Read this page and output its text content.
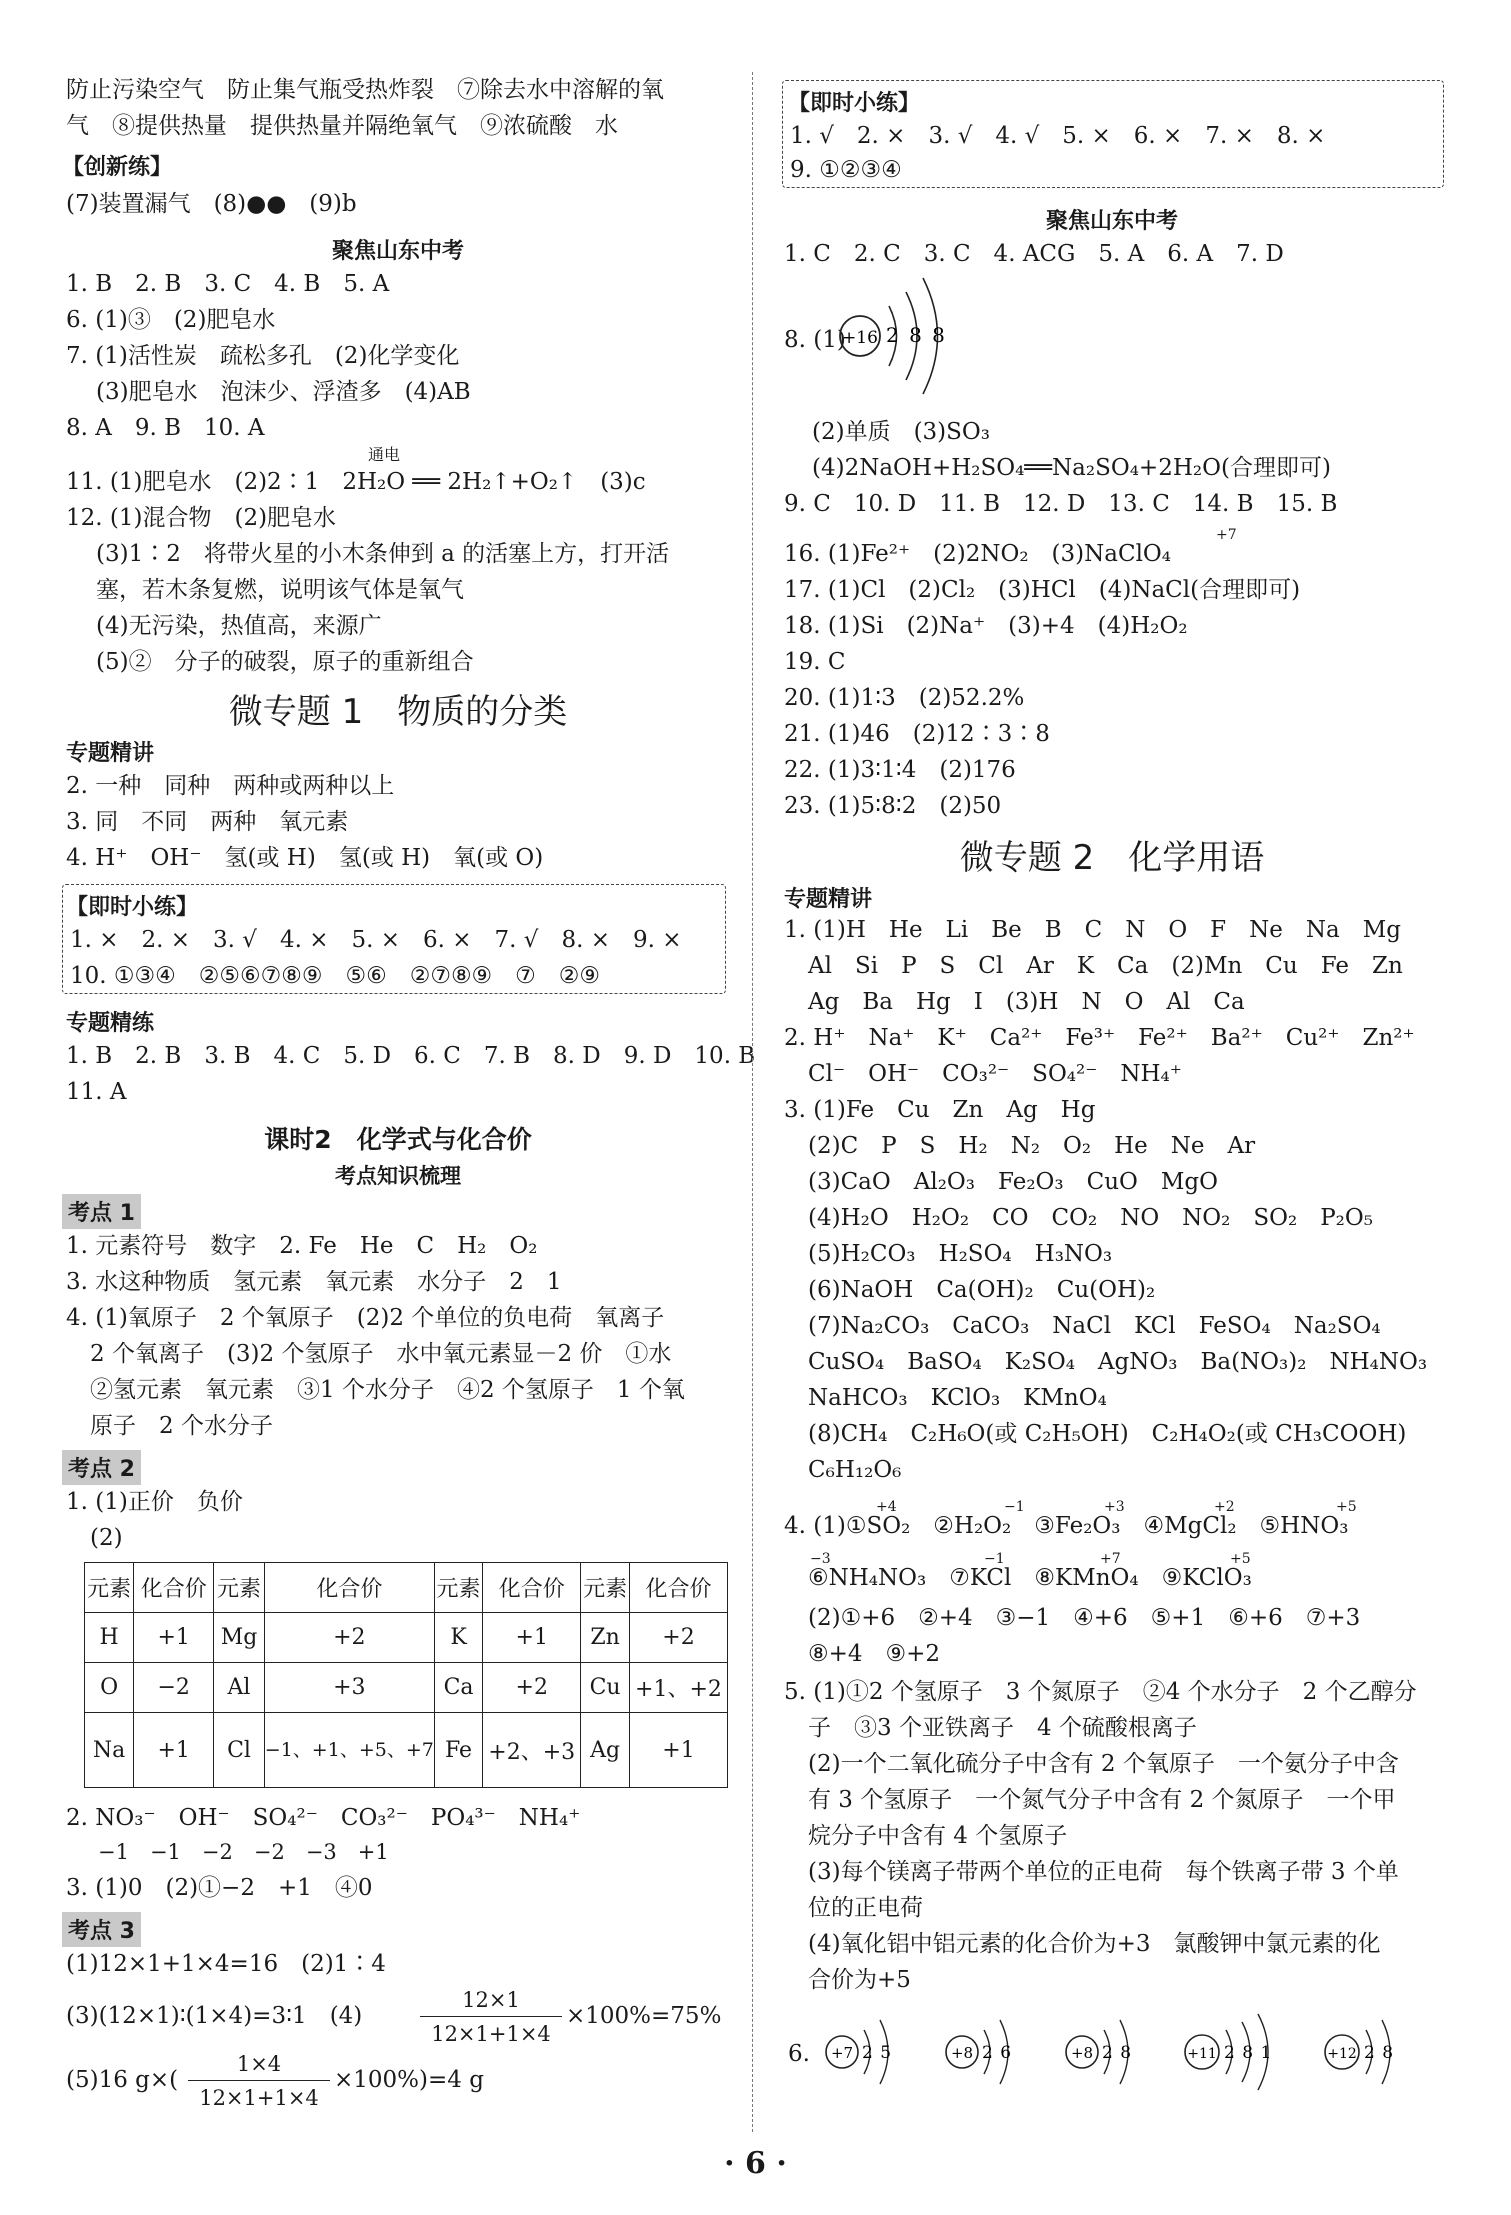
防止污染空气　防止集气瓶受热炸裂　⑦除去水中溶解的氧
气　⑧提供热量　提供热量并隔绝氧气　⑨浓硫酸　水
【创新练】
(7)装置漏气　(8)●●　(9)b
聚焦山东中考
1. B　2. B　3. C　4. B　5. A
6. (1)③　(2)肥皂水
7. (1)活性炭　疏松多孔　(2)化学变化
(3)肥皂水　泡沫少、浮渣多　(4)AB
8. A　9. B　10. A
通电
11. (1)肥皂水　(2)2∶1　2H₂O ══ 2H₂↑+O₂↑　(3)c
12. (1)混合物　(2)肥皂水
(3)1∶2　将带火星的小木条伸到 a 的活塞上方，打开活
塞，若木条复燃，说明该气体是氧气
(4)无污染，热值高，来源广
(5)②　分子的破裂，原子的重新组合
微专题 1　物质的分类
专题精讲
2. 一种　同种　两种或两种以上
3. 同　不同　两种　氧元素
4. H⁺　OH⁻　氢(或 H)　氢(或 H)　氧(或 O)
【即时小练】
1. ×　2. ×　3. √　4. ×　5. ×　6. ×　7. √　8. ×　9. ×
10. ①③④　②⑤⑥⑦⑧⑨　⑤⑥　②⑦⑧⑨　⑦　②⑨
专题精练
1. B　2. B　3. B　4. C　5. D　6. C　7. B　8. D　9. D　10. B
11. A
课时2　化学式与化合价
考点知识梳理
考点 1
1. 元素符号　数字　2. Fe　He　C　H₂　O₂
3. 水这种物质　氢元素　氧元素　水分子　2　1
4. (1)氧原子　2 个氧原子　(2)2 个单位的负电荷　氧离子
2 个氧离子　(3)2 个氢原子　水中氧元素显－2 价　①水
②氢元素　氧元素　③1 个水分子　④2 个氢原子　1 个氧
原子　2 个水分子
考点 2
1. (1)正价　负价
(2)
元素	化合价	元素	化合价	元素	化合价	元素	化合价
H	+1	Mg	+2	K	+1	Zn	+2
O	−2	Al	+3	Ca	+2	Cu	+1、+2
Na	+1	Cl	−1、+1、+5、+7	Fe	+2、+3	Ag	+1
2. NO₃⁻　OH⁻　SO₄²⁻　CO₃²⁻　PO₄³⁻　NH₄⁺
−1　−1　−2　−2　−3　+1
3. (1)0　(2)①−2　+1　④0
考点 3
(1)12×1+1×4=16　(2)1∶4
(3)(12×1)∶(1×4)=3∶1　(4)
12×1
12×1+1×4
×100%=75%
(5)16 g×(
1×4
12×1+1×4
×100%)=4 g
【即时小练】
1. √　2. ×　3. √　4. √　5. ×　6. ×　7. ×　8. ×
9. ①②③④
聚焦山东中考
1. C　2. C　3. C　4. ACG　5. A　6. A　7. D
8. (1)
+16 2 8 8
(2)单质　(3)SO₃
(4)2NaOH+H₂SO₄══Na₂SO₄+2H₂O(合理即可)
9. C　10. D　11. B　12. D　13. C　14. B　15. B
+7
16. (1)Fe²⁺　(2)2NO₂　(3)NaClO₄
17. (1)Cl　(2)Cl₂　(3)HCl　(4)NaCl(合理即可)
18. (1)Si　(2)Na⁺　(3)+4　(4)H₂O₂
19. C
20. (1)1∶3　(2)52.2%
21. (1)46　(2)12∶3∶8
22. (1)3∶1∶4　(2)176
23. (1)5∶8∶2　(2)50
微专题 2　化学用语
专题精讲
1. (1)H　He　Li　Be　B　C　N　O　F　Ne　Na　Mg
Al　Si　P　S　Cl　Ar　K　Ca　(2)Mn　Cu　Fe　Zn
Ag　Ba　Hg　I　(3)H　N　O　Al　Ca
2. H⁺　Na⁺　K⁺　Ca²⁺　Fe³⁺　Fe²⁺　Ba²⁺　Cu²⁺　Zn²⁺
Cl⁻　OH⁻　CO₃²⁻　SO₄²⁻　NH₄⁺
3. (1)Fe　Cu　Zn　Ag　Hg
(2)C　P　S　H₂　N₂　O₂　He　Ne　Ar
(3)CaO　Al₂O₃　Fe₂O₃　CuO　MgO
(4)H₂O　H₂O₂　CO　CO₂　NO　NO₂　SO₂　P₂O₅
(5)H₂CO₃　H₂SO₄　H₃NO₃
(6)NaOH　Ca(OH)₂　Cu(OH)₂
(7)Na₂CO₃　CaCO₃　NaCl　KCl　FeSO₄　Na₂SO₄
CuSO₄　BaSO₄　K₂SO₄　AgNO₃　Ba(NO₃)₂　NH₄NO₃
NaHCO₃　KClO₃　KMnO₄
(8)CH₄　C₂H₆O(或 C₂H₅OH)　C₂H₄O₂(或 CH₃COOH)
C₆H₁₂O₆
+4	−1	+3	+2	+5
4. (1)①SO₂　②H₂O₂　③Fe₂O₃　④MgCl₂　⑤HNO₃
−3	−1	+7	+5
⑥NH₄NO₃　⑦KCl　⑧KMnO₄　⑨KClO₃
(2)①+6　②+4　③−1　④+6　⑤+1　⑥+6　⑦+3
⑧+4　⑨+2
5. (1)①2 个氢原子　3 个氮原子　②4 个水分子　2 个乙醇分
子　③3 个亚铁离子　4 个硫酸根离子
(2)一个二氧化硫分子中含有 2 个氧原子　一个氨分子中含
有 3 个氢原子　一个氮气分子中含有 2 个氮原子　一个甲
烷分子中含有 4 个氢原子
(3)每个镁离子带两个单位的正电荷　每个铁离子带 3 个单
位的正电荷
(4)氧化铝中铝元素的化合价为+3　氯酸钾中氯元素的化
合价为+5
6. +7 2 5	+8 2 6	+8 2 8	+11 2 8 1	+12 2 8
· 6 ·
